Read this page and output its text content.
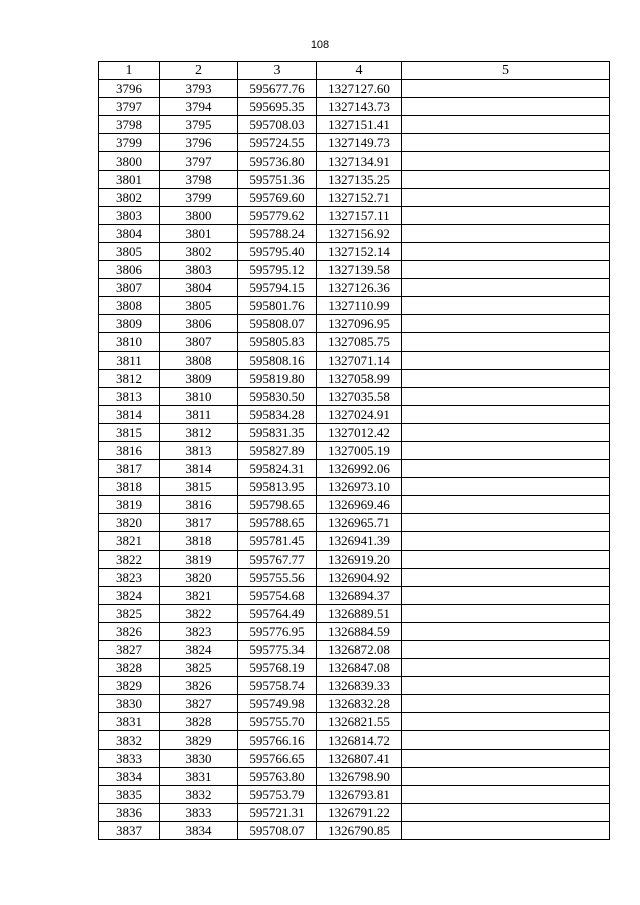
108
1	2	3	4	5
3796	3793	595677.76	1327127.60	
3797	3794	595695.35	1327143.73	
3798	3795	595708.03	1327151.41	
3799	3796	595724.55	1327149.73	
3800	3797	595736.80	1327134.91	
3801	3798	595751.36	1327135.25	
3802	3799	595769.60	1327152.71	
3803	3800	595779.62	1327157.11	
3804	3801	595788.24	1327156.92	
3805	3802	595795.40	1327152.14	
3806	3803	595795.12	1327139.58	
3807	3804	595794.15	1327126.36	
3808	3805	595801.76	1327110.99	
3809	3806	595808.07	1327096.95	
3810	3807	595805.83	1327085.75	
3811	3808	595808.16	1327071.14	
3812	3809	595819.80	1327058.99	
3813	3810	595830.50	1327035.58	
3814	3811	595834.28	1327024.91	
3815	3812	595831.35	1327012.42	
3816	3813	595827.89	1327005.19	
3817	3814	595824.31	1326992.06	
3818	3815	595813.95	1326973.10	
3819	3816	595798.65	1326969.46	
3820	3817	595788.65	1326965.71	
3821	3818	595781.45	1326941.39	
3822	3819	595767.77	1326919.20	
3823	3820	595755.56	1326904.92	
3824	3821	595754.68	1326894.37	
3825	3822	595764.49	1326889.51	
3826	3823	595776.95	1326884.59	
3827	3824	595775.34	1326872.08	
3828	3825	595768.19	1326847.08	
3829	3826	595758.74	1326839.33	
3830	3827	595749.98	1326832.28	
3831	3828	595755.70	1326821.55	
3832	3829	595766.16	1326814.72	
3833	3830	595766.65	1326807.41	
3834	3831	595763.80	1326798.90	
3835	3832	595753.79	1326793.81	
3836	3833	595721.31	1326791.22	
3837	3834	595708.07	1326790.85	
